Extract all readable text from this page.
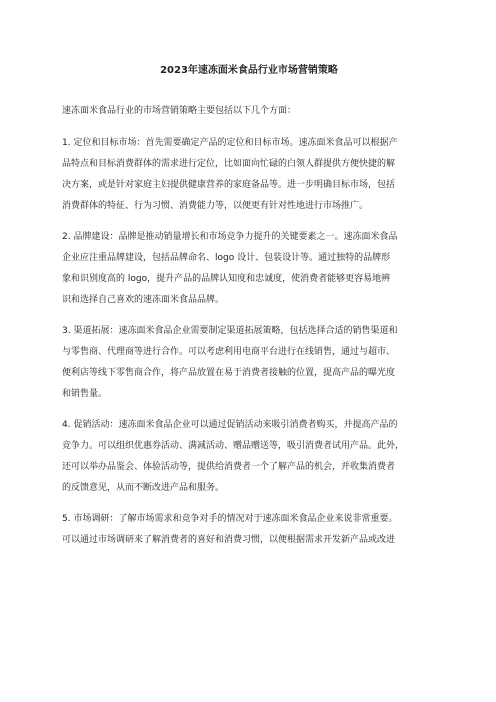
2023年速冻面米食品行业市场营销策略
速冻面米食品行业的市场营销策略主要包括以下几个方面：
1. 定位和目标市场：首先需要确定产品的定位和目标市场。速冻面米食品可以根据产
品特点和目标消费群体的需求进行定位，比如面向忙碌的白领人群提供方便快捷的解
决方案，或是针对家庭主妇提供健康营养的家庭备品等。进一步明确目标市场，包括
消费群体的特征、行为习惯、消费能力等，以便更有针对性地进行市场推广。
2. 品牌建设：品牌是推动销量增长和市场竞争力提升的关键要素之一。速冻面米食品
企业应注重品牌建设，包括品牌命名、logo 设计、包装设计等。通过独特的品牌形
象和识别度高的 logo，提升产品的品牌认知度和忠诚度，使消费者能够更容易地辨
识和选择自己喜欢的速冻面米食品品牌。
3. 渠道拓展：速冻面米食品企业需要制定渠道拓展策略，包括选择合适的销售渠道和
与零售商、代理商等进行合作。可以考虑利用电商平台进行在线销售，通过与超市、
便利店等线下零售商合作，将产品放置在易于消费者接触的位置，提高产品的曝光度
和销售量。
4. 促销活动：速冻面米食品企业可以通过促销活动来吸引消费者购买，并提高产品的
竞争力。可以组织优惠券活动、满减活动、赠品赠送等，吸引消费者试用产品。此外，
还可以举办品鉴会、体验活动等，提供给消费者一个了解产品的机会，并收集消费者
的反馈意见，从而不断改进产品和服务。
5. 市场调研：了解市场需求和竞争对手的情况对于速冻面米食品企业来说非常重要。
可以通过市场调研来了解消费者的喜好和消费习惯，以便根据需求开发新产品或改进
